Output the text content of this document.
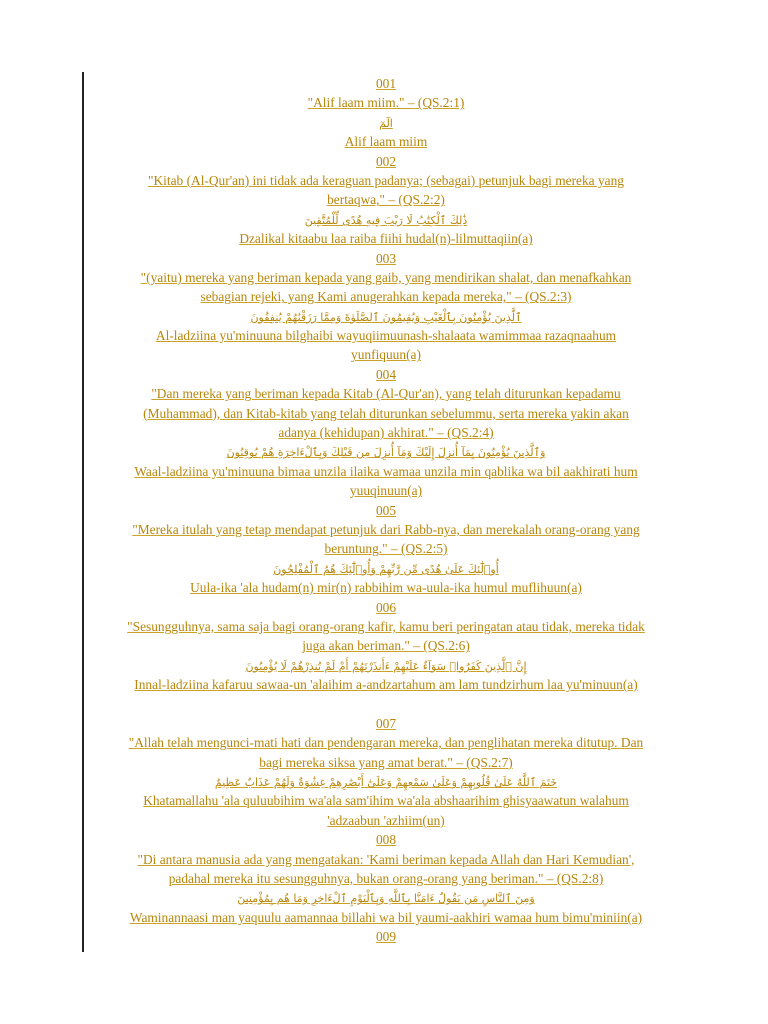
001
"Alif laam miim." – (QS.2:1)
الٓمٓ
Alif laam miim
002
"Kitab (Al-Qur'an) ini tidak ada keraguan padanya; (sebagai) petunjuk bagi mereka yang
bertaqwa," – (QS.2:2)
ذَٰلِكَ ٱلْكِتَٰبُ لَا رَيْبَ فِيهِ هُدًى لِّلْمُتَّقِينَ
Dzalikal kitaabu laa raiba fiihi hudal(n)-lilmuttaqiin(a)
003
"(yaitu) mereka yang beriman kepada yang gaib, yang mendirikan shalat, dan menafkahkan
sebagian rejeki, yang Kami anugerahkan kepada mereka," – (QS.2:3)
ٱلَّذِينَ يُؤْمِنُونَ بِٱلْغَيْبِ وَيُقِيمُونَ ٱلصَّلَوٰةَ وَمِمَّا رَزَقْنَٰهُمْ يُنفِقُونَ
Al-ladziina yu'minuuna bilghaibi wayuqiimuunash-shalaata wamimmaa razaqnaahum
yunfiquun(a)
004
"Dan mereka yang beriman kepada Kitab (Al-Qur'an), yang telah diturunkan kepadamu
(Muhammad), dan Kitab-kitab yang telah diturunkan sebelummu, serta mereka yakin akan
adanya (kehidupan) akhirat." – (QS.2:4)
وَٱلَّذِينَ يُؤْمِنُونَ بِمَآ أُنزِلَ إِلَيْكَ وَمَآ أُنزِلَ مِن قَبْلِكَ وَبِٱلْءَاخِرَةِ هُمْ يُوقِنُونَ
Waal-ladziina yu'minuuna bimaa unzila ilaika wamaa unzila min qablika wa bil aakhirati hum
yuuqinuun(a)
005
"Mereka itulah yang tetap mendapat petunjuk dari Rabb-nya, dan merekalah orang-orang yang
beruntung." – (QS.2:5)
أُو۟لَٰٓئِكَ عَلَىٰ هُدًى مِّن رَّبِّهِمْ وَأُو۟لَٰٓئِكَ هُمُ ٱلْمُفْلِحُونَ
Uula-ika 'ala hudam(n) mir(n) rabbihim wa-uula-ika humul muflihuun(a)
006
"Sesungguhnya, sama saja bagi orang-orang kafir, kamu beri peringatan atau tidak, mereka tidak
juga akan beriman." – (QS.2:6)
إِنَّ ٱلَّذِينَ كَفَرُوا۟ سَوَآءٌ عَلَيْهِمْ ءَأَنذَرْتَهُمْ أَمْ لَمْ تُنذِرْهُمْ لَا يُؤْمِنُونَ
Innal-ladziina kafaruu sawaa-un 'alaihim a-andzartahum am lam tundzirhum laa yu'minuun(a)
007
"Allah telah mengunci-mati hati dan pendengaran mereka, dan penglihatan mereka ditutup. Dan
bagi mereka siksa yang amat berat." – (QS.2:7)
خَتَمَ ٱللَّهُ عَلَىٰ قُلُوبِهِمْ وَعَلَىٰ سَمْعِهِمْ وَعَلَىٰٓ أَبْصَٰرِهِمْ غِشَٰوَةٌ وَلَهُمْ عَذَابٌ عَظِيمٌ
Khatamallahu 'ala quluubihim wa'ala sam'ihim wa'ala abshaarihim ghisyaawatun walahum
'adzaabun 'azhiim(un)
008
"Di antara manusia ada yang mengatakan: 'Kami beriman kepada Allah dan Hari Kemudian',
padahal mereka itu sesungguhnya, bukan orang-orang yang beriman." – (QS.2:8)
وَمِنَ ٱلنَّاسِ مَن يَقُولُ ءَامَنَّا بِٱللَّهِ وَبِٱلْيَوْمِ ٱلْءَاخِرِ وَمَا هُم بِمُؤْمِنِينَ
Waminannaasi man yaquulu aamannaa billahi wa bil yaumi-aakhiri wamaa hum bimu'miniin(a)
009
